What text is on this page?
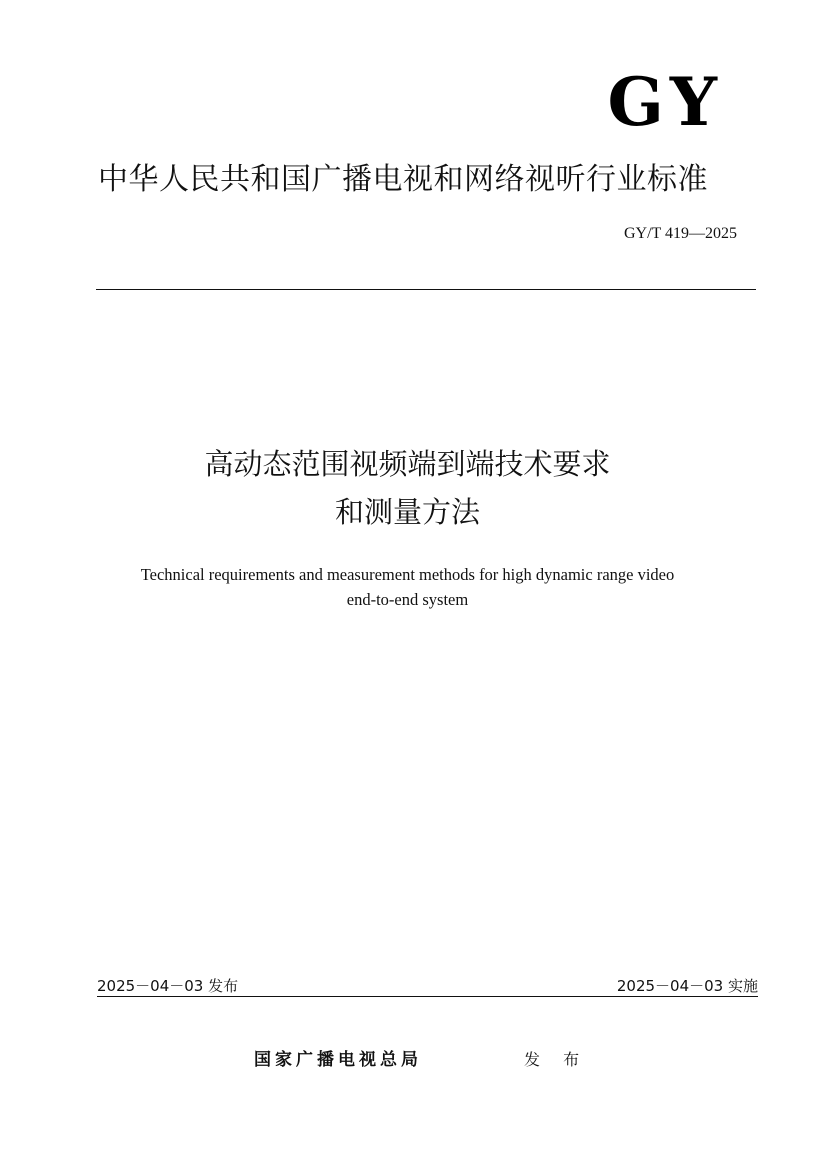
GY
中华人民共和国广播电视和网络视听行业标准
GY/T 419—2025
高动态范围视频端到端技术要求
和测量方法
Technical requirements and measurement methods for high dynamic range video
end-to-end system
2025－04－03 发布	2025－04－03 实施
国家广播电视总局	发 布
